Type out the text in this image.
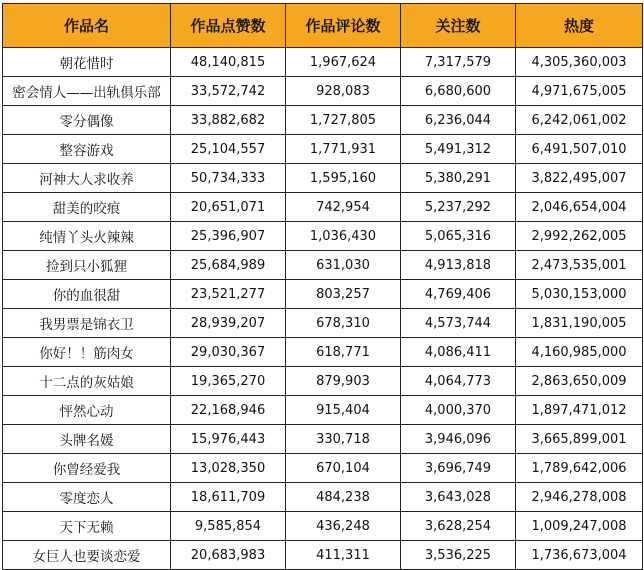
作品名	作品点赞数	作品评论数	关注数	热度
朝花惜时	48,140,815	1,967,624	7,317,579	4,305,360,003
密会情人——出轨俱乐部	33,572,742	928,083	6,680,600	4,971,675,005
零分偶像	33,882,682	1,727,805	6,236,044	6,242,061,002
整容游戏	25,104,557	1,771,931	5,491,312	6,491,507,010
河神大人求收养	50,734,333	1,595,160	5,380,291	3,822,495,007
甜美的咬痕	20,651,071	742,954	5,237,292	2,046,654,004
纯情丫头火辣辣	25,396,907	1,036,430	5,065,316	2,992,262,005
捡到只小狐狸	25,684,989	631,030	4,913,818	2,473,535,001
你的血很甜	23,521,277	803,257	4,769,406	5,030,153,000
我男票是锦衣卫	28,939,207	678,310	4,573,744	1,831,190,005
你好！！筋肉女	29,030,367	618,771	4,086,411	4,160,985,000
十二点的灰姑娘	19,365,270	879,903	4,064,773	2,863,650,009
怦然心动	22,168,946	915,404	4,000,370	1,897,471,012
头牌名媛	15,976,443	330,718	3,946,096	3,665,899,001
你曾经爱我	13,028,350	670,104	3,696,749	1,789,642,006
零度恋人	18,611,709	484,238	3,643,028	2,946,278,008
天下无赖	9,585,854	436,248	3,628,254	1,009,247,008
女巨人也要谈恋爱	20,683,983	411,311	3,536,225	1,736,673,004
